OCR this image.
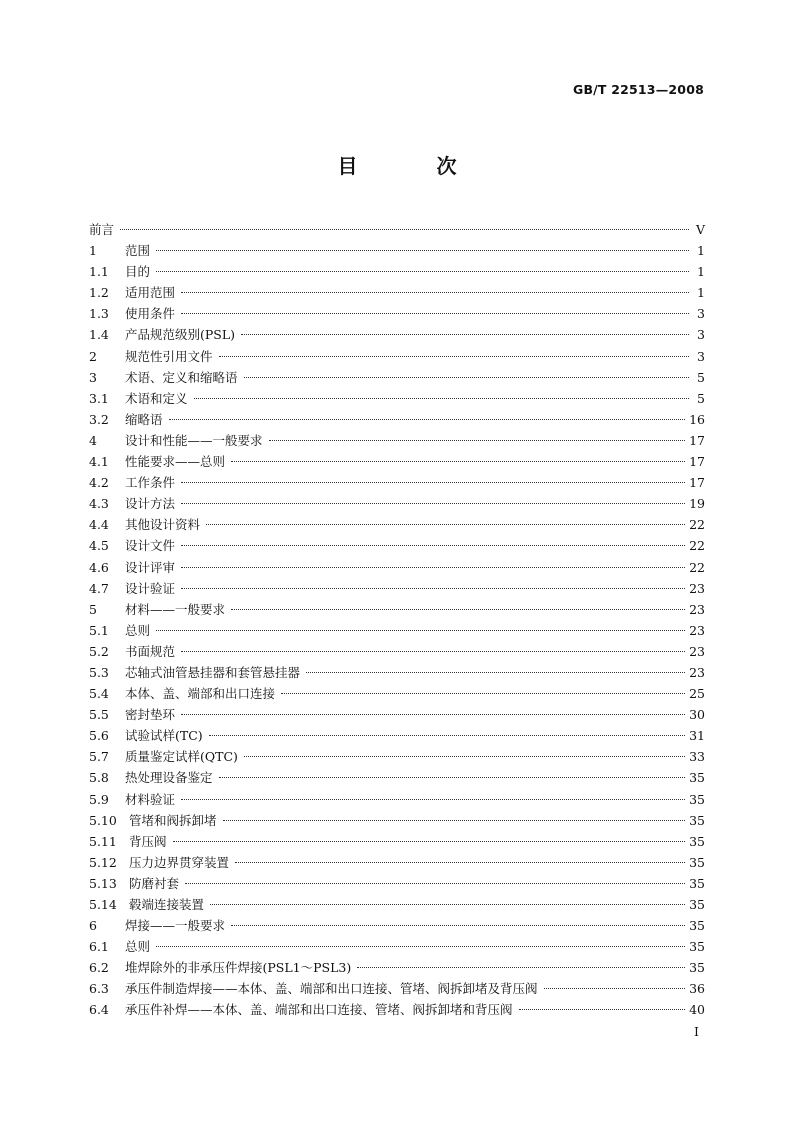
GB/T 22513—2008
目 次
前言	V
1	范围	1
1.1	目的	1
1.2	适用范围	1
1.3	使用条件	3
1.4	产品规范级别(PSL)	3
2	规范性引用文件	3
3	术语、定义和缩略语	5
3.1	术语和定义	5
3.2	缩略语	16
4	设计和性能——一般要求	17
4.1	性能要求——总则	17
4.2	工作条件	17
4.3	设计方法	19
4.4	其他设计资料	22
4.5	设计文件	22
4.6	设计评审	22
4.7	设计验证	23
5	材料——一般要求	23
5.1	总则	23
5.2	书面规范	23
5.3	芯轴式油管悬挂器和套管悬挂器	23
5.4	本体、盖、端部和出口连接	25
5.5	密封垫环	30
5.6	试验试样(TC)	31
5.7	质量鉴定试样(QTC)	33
5.8	热处理设备鉴定	35
5.9	材料验证	35
5.10 管堵和阀拆卸堵	35
5.11 背压阀	35
5.12 压力边界贯穿装置	35
5.13 防磨衬套	35
5.14 毂端连接装置	35
6	焊接——一般要求	35
6.1	总则	35
6.2	堆焊除外的非承压件焊接(PSL1～PSL3)	35
6.3	承压件制造焊接——本体、盖、端部和出口连接、管堵、阀拆卸堵及背压阀	36
6.4	承压件补焊——本体、盖、端部和出口连接、管堵、阀拆卸堵和背压阀	40
I
